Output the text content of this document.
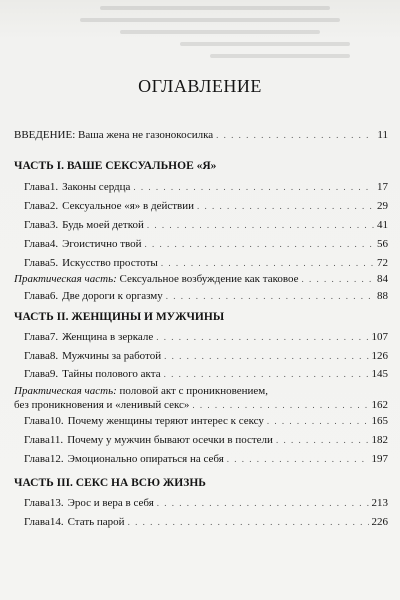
ОГЛАВЛЕНИЕ
ВВЕДЕНИЕ:
Ваша жена не газонокосилка . . .	11
ЧАСТЬ I. ВАШЕ СЕКСУАЛЬНОЕ «Я»
Глава 1. Законы сердца . . .	17
Глава 2. Сексуальное «я» в действии . . .	29
Глава 3. Будь моей деткой . . .	41
Глава 4. Эгоистично твой . . .	56
Глава 5. Искусство простоты . . .	72
Практическая часть:
Сексуальное возбуждение как таковое . . .	84
Глава 6. Две дороги к оргазму . . .	88
ЧАСТЬ II. ЖЕНЩИНЫ И МУЖЧИНЫ
Глава 7. Женщина в зеркале . . .	107
Глава 8. Мужчины за работой . . .	126
Глава 9. Тайны полового акта . . .	145
Практическая часть:
половой акт с проникновением,
без проникновения и «ленивый секс» . . .	162
Глава 10. Почему женщины теряют интерес к сексу . . .	165
Глава 11. Почему у мужчин бывают осечки в постели . . .	182
Глава 12. Эмоционально опираться на себя . . .	197
ЧАСТЬ III. СЕКС НА ВСЮ ЖИЗНЬ
Глава 13. Эрос и вера в себя . . .	213
Глава 14. Стать парой . . .	226
